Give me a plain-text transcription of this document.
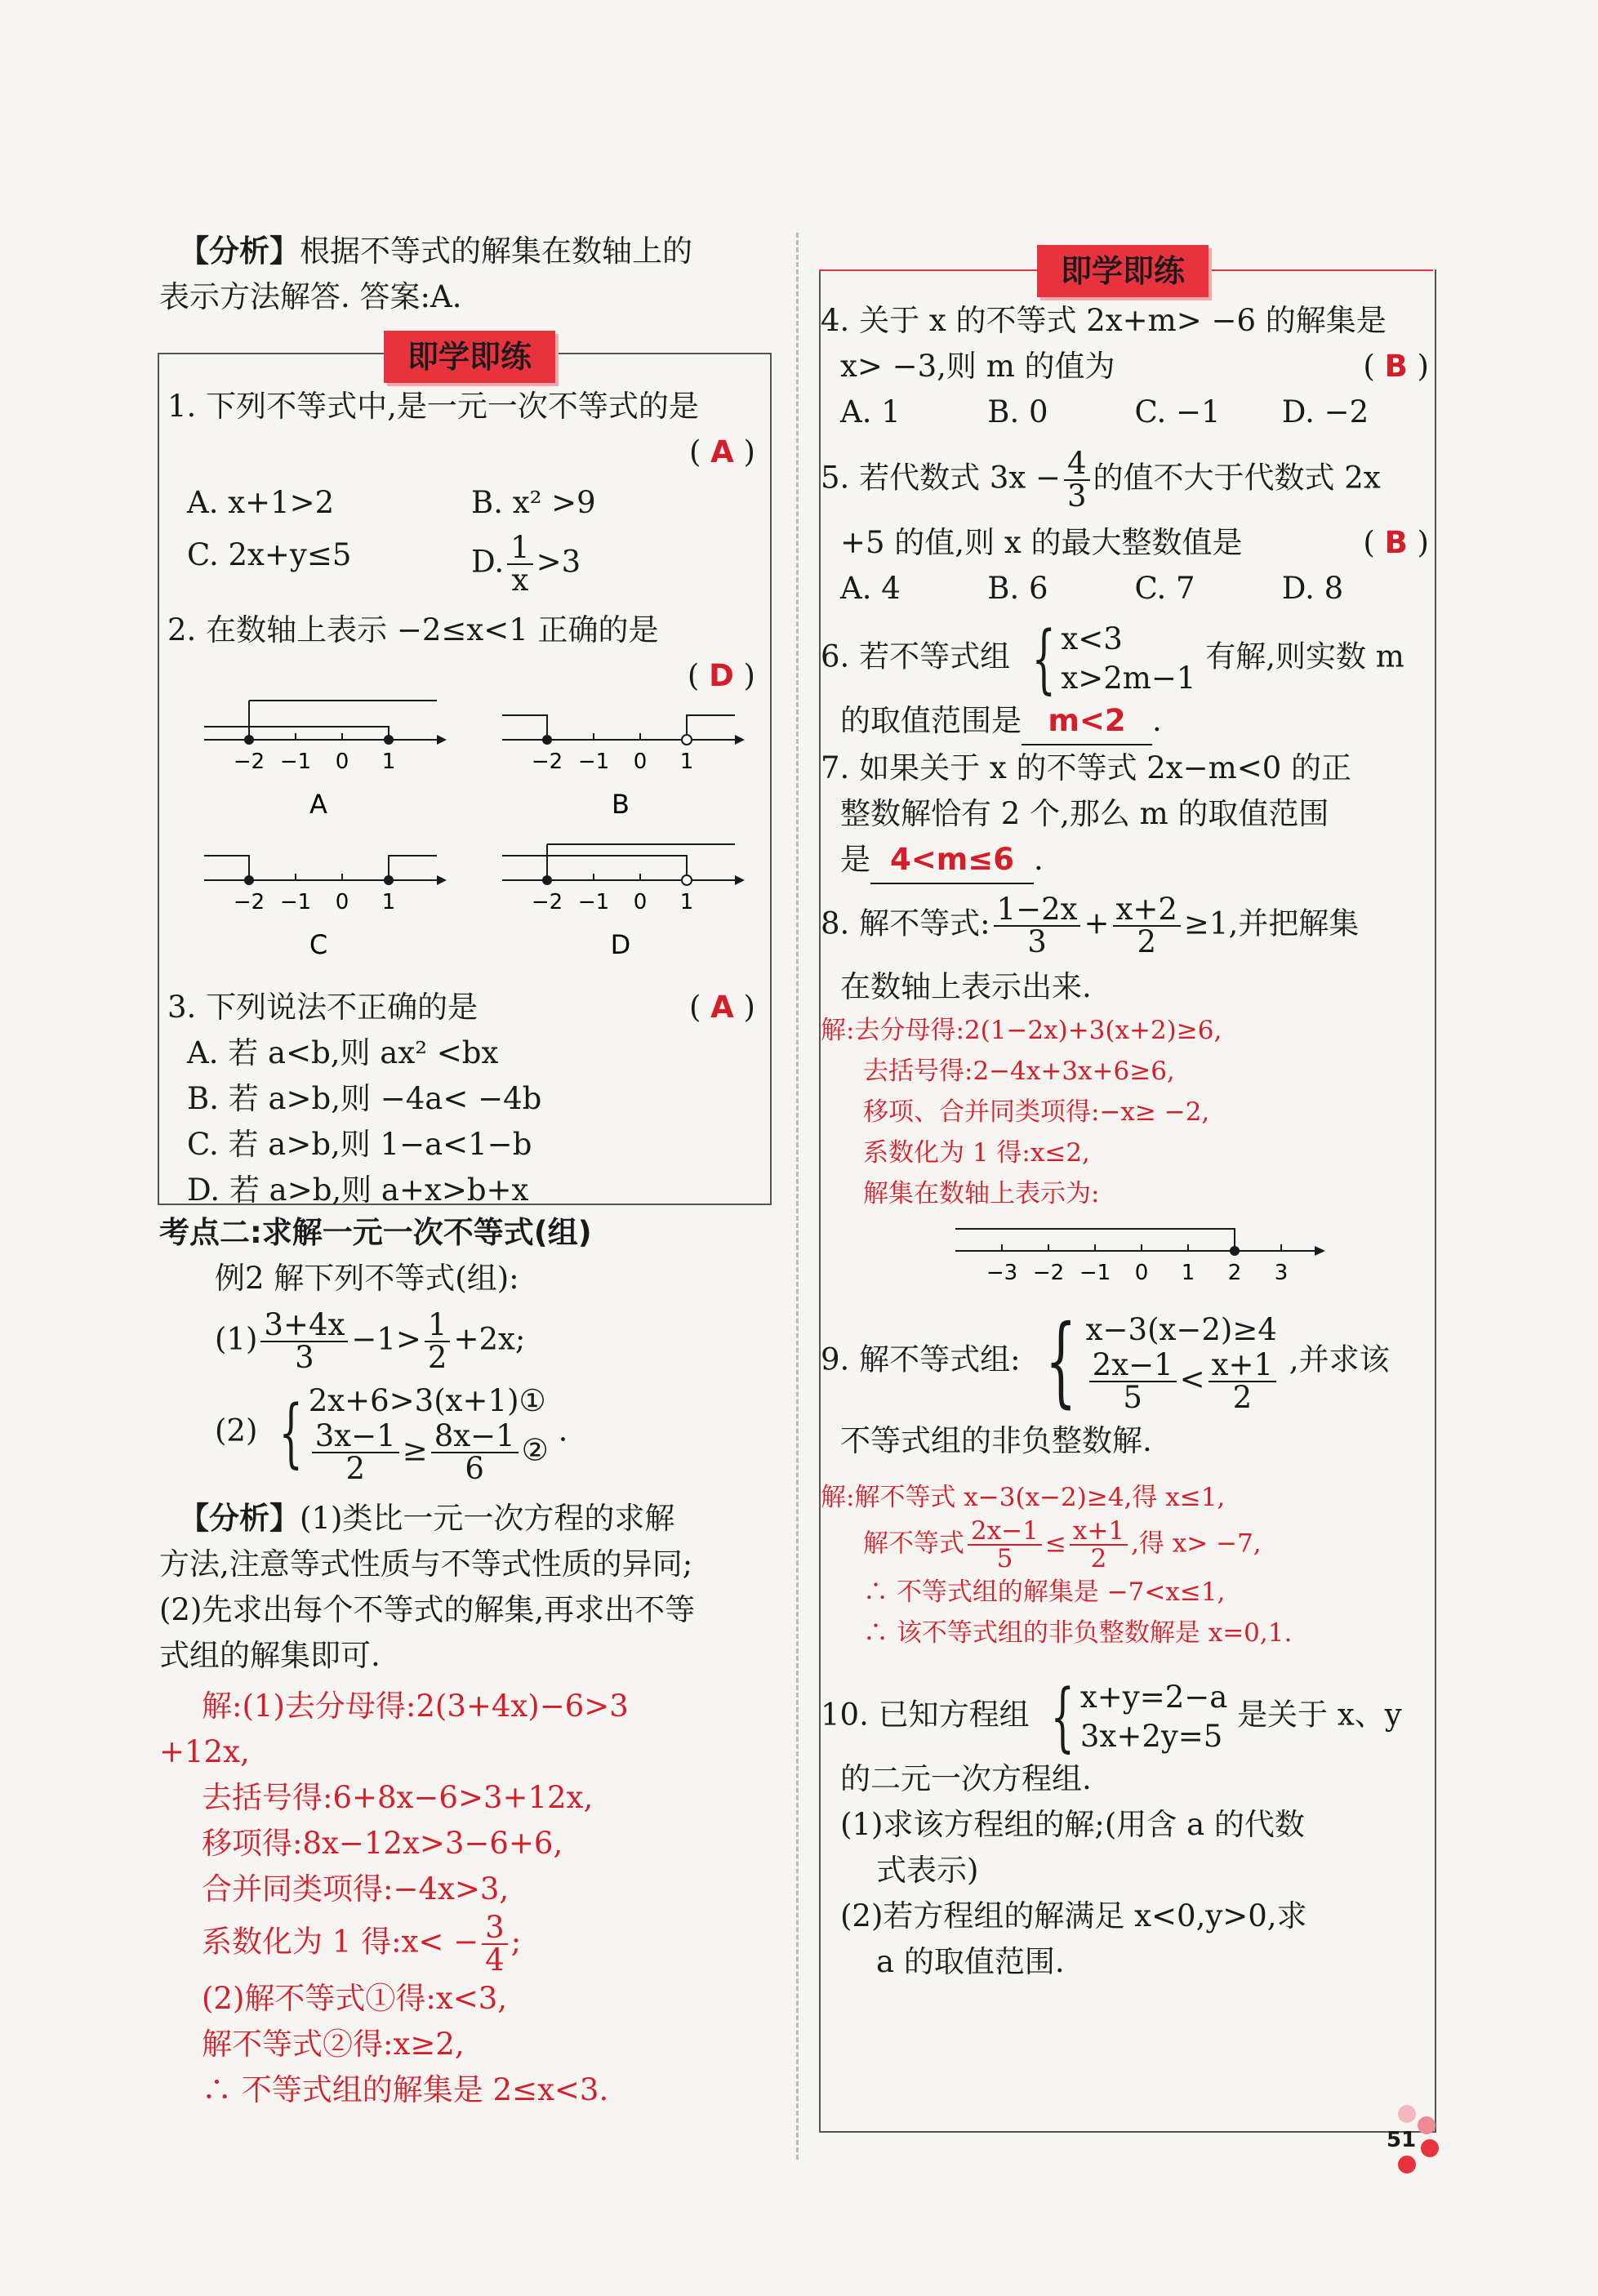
【分析】根据不等式的解集在数轴上的
表示方法解答. 答案:A.
即学即练
1. 下列不等式中,是一元一次不等式的是
( A )
A. x+1>2	B. x² >9
C. 2x+y≤5	D. $\frac{1}{x} >3$
2. 在数轴上表示 −2≤x<1 正确的是
( D )
−2 −1 0 1
A
−2 −1 0 1
B
−2 −1 0 1
C
−2 −1 0 1
D
3. 下列说法不正确的是	( A )
A. 若 a<b,则 ax² <bx
B. 若 a>b,则 −4a< −4b
C. 若 a>b,则 1−a<1−b
D. 若 a>b,则 a+x>b+x
考点二:求解一元一次不等式(组)
例2 解下列不等式(组):
$(1) \frac{3+4x}{3} -1> \frac{1}{2} +2x$;
(2) { 2x+6>3(x+1)①
$\frac{3x-1}{2} \ge \frac{8x-1}{6}$ ②
.
【分析】(1)类比一元一次方程的求解
方法,注意等式性质与不等式性质的异同;
(2)先求出每个不等式的解集,再求出不等
式组的解集即可.
解:(1)去分母得:2(3+4x)−6>3
+12x,
去括号得:6+8x−6>3+12x,
移项得:8x−12x>3−6+6,
合并同类项得:−4x>3,
系数化为 1 得:x< − $\frac{3}{4}$ ;
(2)解不等式①得:x<3,
解不等式②得:x≥2,
∴ 不等式组的解集是 2≤x<3.
即学即练
4. 关于 x 的不等式 2x+m> −6 的解集是
x> −3,则 m 的值为	( B )
A. 1	B. 0	C. −1	D. −2
5. 若代数式 $3x - \frac{4}{3}$ 的值不大于代数式 2x
+5 的值,则 x 的最大整数值是	( B )
A. 4	B. 6	C. 7	D. 8
6. 若不等式组 { x<3
x>2m−1
有解,则实数 m
的取值范围是 m<2 .
7. 如果关于 x 的不等式 2x−m<0 的正
整数解恰有 2 个,那么 m 的取值范围
是 4<m≤6 .
8. 解不等式: $\frac{1-2x}{3} + \frac{x+2}{2} \ge 1$,并把解集
在数轴上表示出来.
解:去分母得:2(1−2x)+3(x+2)≥6,
去括号得:2−4x+3x+6≥6,
移项、合并同类项得:−x≥ −2,
系数化为 1 得:x≤2,
解集在数轴上表示为:
−3 −2 −1 0 1 2 3
9. 解不等式组: { x−3(x−2)≥4
$\frac{2x-1}{5} < \frac{x+1}{2}$ ,并求该
不等式组的非负整数解.
解:解不等式 x−3(x−2)≥4,得 x≤1,
解不等式 $\frac{2x-1}{5} \le \frac{x+1}{2}$ ,得 x> −7,
∴ 不等式组的解集是 −7<x≤1,
∴ 该不等式组的非负整数解是 x=0,1.
10. 已知方程组 { x+y=2−a
3x+2y=5
是关于 x、y
的二元一次方程组.
(1)求该方程组的解;(用含 a 的代数
式表示)
(2)若方程组的解满足 x<0,y>0,求
a 的取值范围.
51
